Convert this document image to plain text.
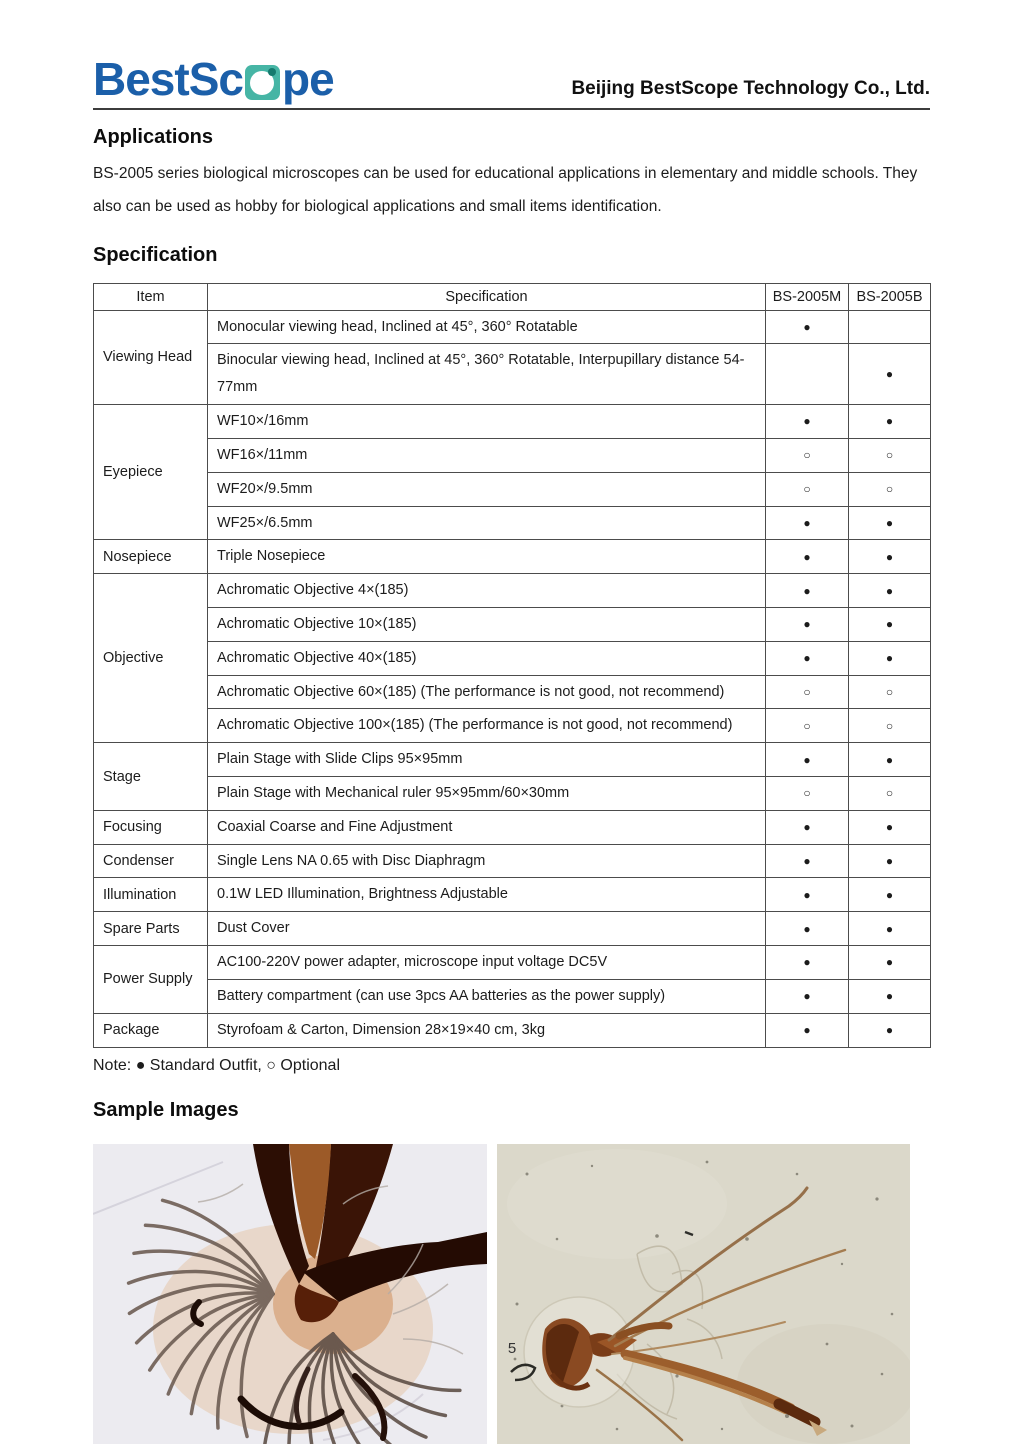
BestSc pe	Beijing BestScope Technology Co., Ltd.
Applications

BS-2005 series biological microscopes can be used for educational applications in elementary and middle schools. They also can be used as hobby for biological applications and small items identification.

Specification
Item	Specification	BS-2005M	BS-2005B
Viewing Head	Monocular viewing head, Inclined at 45°, 360° Rotatable	●	
	Binocular viewing head, Inclined at 45°, 360° Rotatable, Interpupillary distance 54-77mm		●
Eyepiece	WF10×/16mm	●	●
	WF16×/11mm	○	○
	WF20×/9.5mm	○	○
	WF25×/6.5mm	●	●
Nosepiece	Triple Nosepiece	●	●
Objective	Achromatic Objective 4×(185)	●	●
	Achromatic Objective 10×(185)	●	●
	Achromatic Objective 40×(185)	●	●
	Achromatic Objective 60×(185) (The performance is not good, not recommend)	○	○
	Achromatic Objective 100×(185) (The performance is not good, not recommend)	○	○
Stage	Plain Stage with Slide Clips 95×95mm	●	●
	Plain Stage with Mechanical ruler 95×95mm/60×30mm	○	○
Focusing	Coaxial Coarse and Fine Adjustment	●	●
Condenser	Single Lens NA 0.65 with Disc Diaphragm	●	●
Illumination	0.1W LED Illumination, Brightness Adjustable	●	●
Spare Parts	Dust Cover	●	●
Power Supply	AC100-220V power adapter, microscope input voltage DC5V	●	●
	Battery compartment (can use 3pcs AA batteries as the power supply)	●	●
Package	Styrofoam & Carton, Dimension 28×19×40 cm, 3kg	●	●
Note: ● Standard Outfit, ○ Optional
Sample Images
5
